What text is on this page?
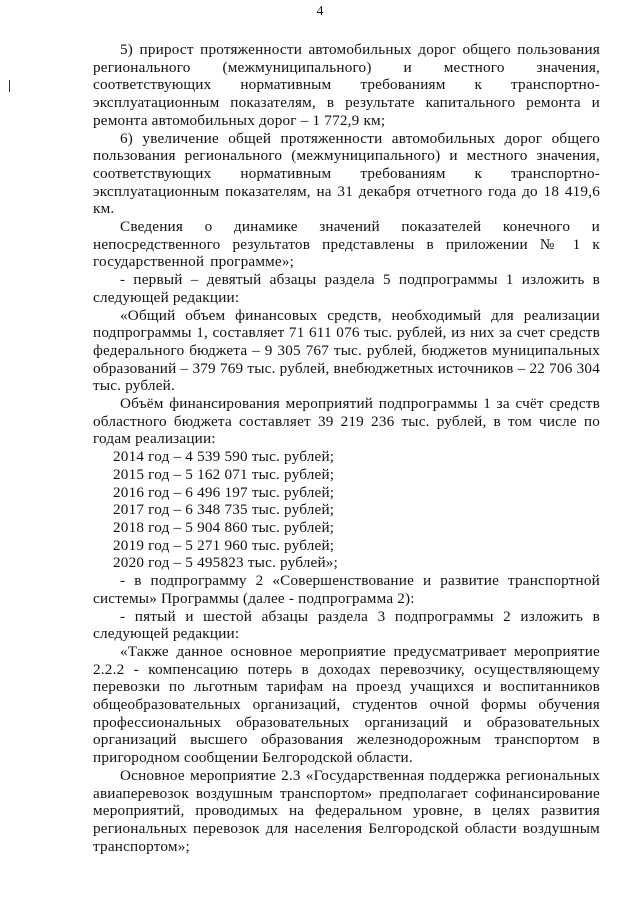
4

5) прирост протяженности автомобильных дорог общего пользования регионального (межмуниципального) и местного значения, соответствующих нормативным требованиям к транспортно-эксплуатационным показателям, в результате капитального ремонта и ремонта автомобильных дорог – 1 772,9 км;

6) увеличение общей протяженности автомобильных дорог общего пользования регионального (межмуниципального) и местного значения, соответствующих нормативным требованиям к транспортно-эксплуатационным показателям, на 31 декабря отчетного года до 18 419,6 км.

Сведения о динамике значений показателей конечного и непосредственного результатов представлены в приложении № 1 к государственной программе»;

- первый – девятый абзацы раздела 5 подпрограммы 1 изложить в следующей редакции:

«Общий объем финансовых средств, необходимый для реализации подпрограммы 1, составляет 71 611 076 тыс. рублей, из них за счет средств федерального бюджета – 9 305 767 тыс. рублей, бюджетов муниципальных образований – 379 769 тыс. рублей, внебюджетных источников – 22 706 304 тыс. рублей.

Объём финансирования мероприятий подпрограммы 1 за счёт средств областного бюджета составляет 39 219 236 тыс. рублей, в том числе по годам реализации:

2014 год – 4 539 590 тыс. рублей;

2015 год – 5 162 071 тыс. рублей;

2016 год – 6 496 197 тыс. рублей;

2017 год – 6 348 735 тыс. рублей;

2018 год – 5 904 860 тыс. рублей;

2019 год – 5 271 960 тыс. рублей;

2020 год – 5 495823 тыс. рублей»;

- в подпрограмму 2 «Совершенствование и развитие транспортной системы» Программы (далее - подпрограмма 2):

- пятый и шестой абзацы раздела 3 подпрограммы 2 изложить в следующей редакции:

«Также данное основное мероприятие предусматривает мероприятие 2.2.2 - компенсацию потерь в доходах перевозчику, осуществляющему перевозки по льготным тарифам на проезд учащихся и воспитанников общеобразовательных организаций, студентов очной формы обучения профессиональных образовательных организаций и образовательных организаций высшего образования железнодорожным транспортом в пригородном сообщении Белгородской области.

Основное мероприятие 2.3 «Государственная поддержка региональных авиаперевозок воздушным транспортом» предполагает софинансирование мероприятий, проводимых на федеральном уровне, в целях развития региональных перевозок для населения Белгородской области воздушным транспортом»;
